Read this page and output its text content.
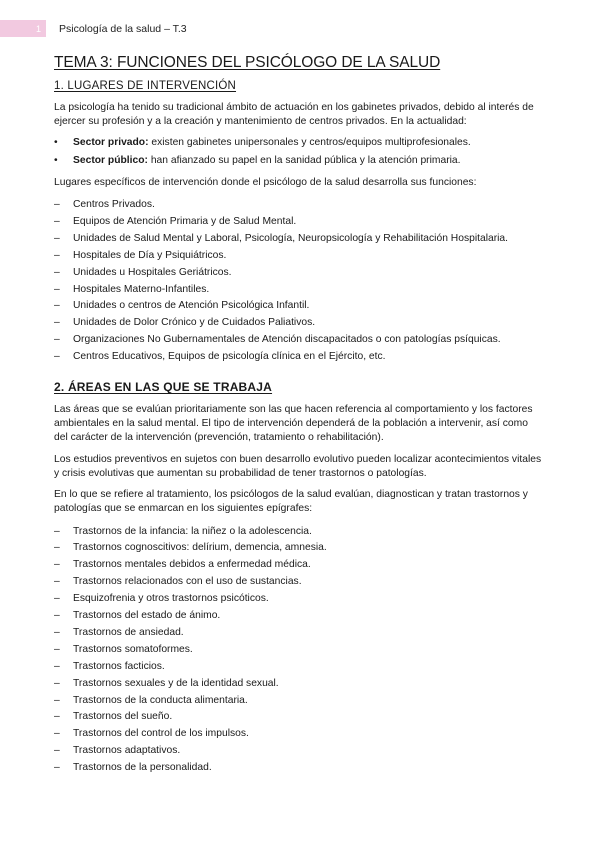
1	Psicología de la salud – T.3
TEMA 3: FUNCIONES DEL PSICÓLOGO DE LA SALUD
1. LUGARES DE INTERVENCIÓN

La psicología ha tenido su tradicional ámbito de actuación en los gabinetes privados, debido al interés de ejercer su profesión y a la creación y mantenimiento de centros privados. En la actualidad:

• Sector privado: existen gabinetes unipersonales y centros/equipos multiprofesionales.
• Sector público: han afianzado su papel en la sanidad pública y la atención primaria.

Lugares específicos de intervención donde el psicólogo de la salud desarrolla sus funciones:

– Centros Privados.
– Equipos de Atención Primaria y de Salud Mental.
– Unidades de Salud Mental y Laboral, Psicología, Neuropsicología y Rehabilitación Hospitalaria.
– Hospitales de Día y Psiquiátricos.
– Unidades u Hospitales Geriátricos.
– Hospitales Materno-Infantiles.
– Unidades o centros de Atención Psicológica Infantil.
– Unidades de Dolor Crónico y de Cuidados Paliativos.
– Organizaciones No Gubernamentales de Atención discapacitados o con patologías psíquicas.
– Centros Educativos, Equipos de psicología clínica en el Ejército, etc.
2. ÁREAS EN LAS QUE SE TRABAJA

Las áreas que se evalúan prioritariamente son las que hacen referencia al comportamiento y los factores ambientales en la salud mental. El tipo de intervención dependerá de la población a intervenir, así como del carácter de la intervención (prevención, tratamiento o rehabilitación).

Los estudios preventivos en sujetos con buen desarrollo evolutivo pueden localizar acontecimientos vitales y crisis evolutivas que aumentan su probabilidad de tener trastornos o patologías.

En lo que se refiere al tratamiento, los psicólogos de la salud evalúan, diagnostican y tratan trastornos y patologías que se enmarcan en los siguientes epígrafes:

– Trastornos de la infancia: la niñez o la adolescencia.
– Trastornos cognoscitivos: delírium, demencia, amnesia.
– Trastornos mentales debidos a enfermedad médica.
– Trastornos relacionados con el uso de sustancias.
– Esquizofrenia y otros trastornos psicóticos.
– Trastornos del estado de ánimo.
– Trastornos de ansiedad.
– Trastornos somatoformes.
– Trastornos facticios.
– Trastornos sexuales y de la identidad sexual.
– Trastornos de la conducta alimentaria.
– Trastornos del sueño.
– Trastornos del control de los impulsos.
– Trastornos adaptativos.
– Trastornos de la personalidad.
